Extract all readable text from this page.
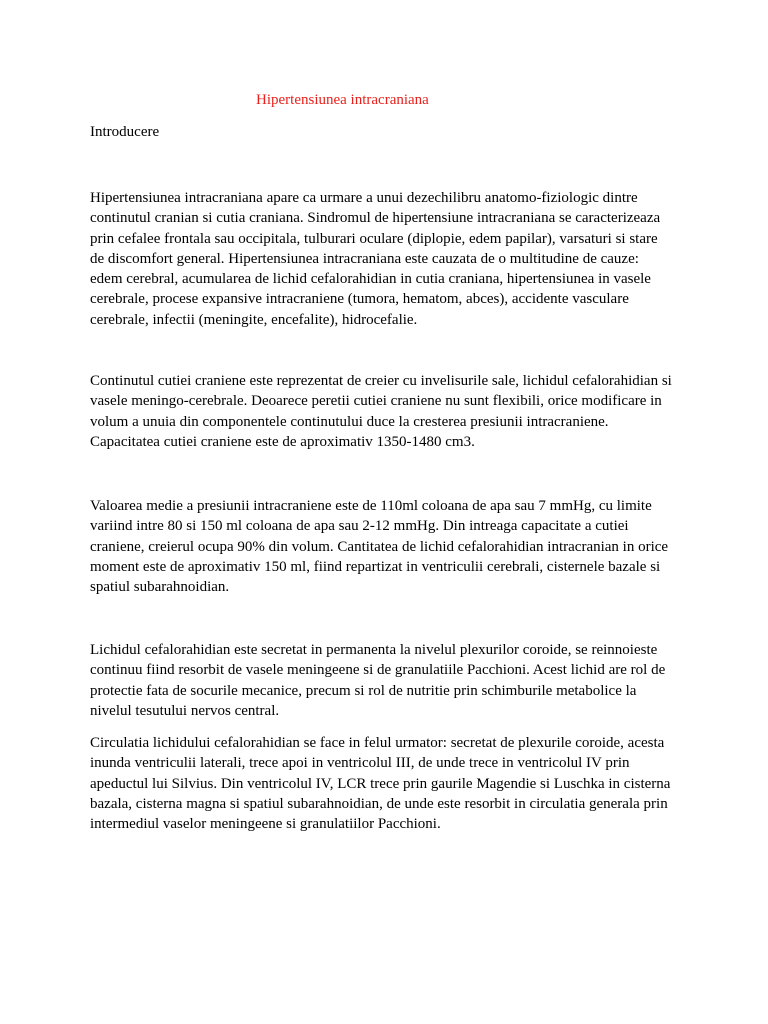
Hipertensiunea intracraniana
Introducere

Hipertensiunea intracraniana apare ca urmare a unui dezechilibru anatomo-fiziologic dintre
continutul cranian si cutia craniana. Sindromul de hipertensiune intracraniana se caracterizeaza
prin cefalee frontala sau occipitala, tulburari oculare (diplopie, edem papilar), varsaturi si stare
de discomfort general. Hipertensiunea intracraniana este cauzata de o multitudine de cauze:
edem cerebral, acumularea de lichid cefalorahidian in cutia craniana, hipertensiunea in vasele
cerebrale, procese expansive intracraniene (tumora, hematom, abces), accidente vasculare
cerebrale, infectii (meningite, encefalite), hidrocefalie.

Continutul cutiei craniene este reprezentat de creier cu invelisurile sale, lichidul cefalorahidian si
vasele meningo-cerebrale. Deoarece peretii cutiei craniene nu sunt flexibili, orice modificare in
volum a unuia din componentele continutului duce la cresterea presiunii intracraniene.
Capacitatea cutiei craniene este de aproximativ 1350-1480 cm3.

Valoarea medie a presiunii intracraniene este de 110ml coloana de apa sau 7 mmHg, cu limite
variind intre 80 si 150 ml coloana de apa sau 2-12 mmHg. Din intreaga capacitate a cutiei
craniene, creierul ocupa 90% din volum. Cantitatea de lichid cefalorahidian intracranian in orice
moment este de aproximativ 150 ml, fiind repartizat in ventriculii cerebrali, cisternele bazale si
spatiul subarahnoidian.

Lichidul cefalorahidian este secretat in permanenta la nivelul plexurilor coroide, se reinnoieste
continuu fiind resorbit de vasele meningeene si de granulatiile Pacchioni. Acest lichid are rol de
protectie fata de socurile mecanice, precum si rol de nutritie prin schimburile metabolice la
nivelul tesutului nervos central.

Circulatia lichidului cefalorahidian se face in felul urmator: secretat de plexurile coroide, acesta
inunda ventriculii laterali, trece apoi in ventricolul III, de unde trece in ventricolul IV prin
apeductul lui Silvius. Din ventricolul IV, LCR trece prin gaurile Magendie si Luschka in cisterna
bazala, cisterna magna si spatiul subarahnoidian, de unde este resorbit in circulatia generala prin
intermediul vaselor meningeene si granulatiilor Pacchioni.
